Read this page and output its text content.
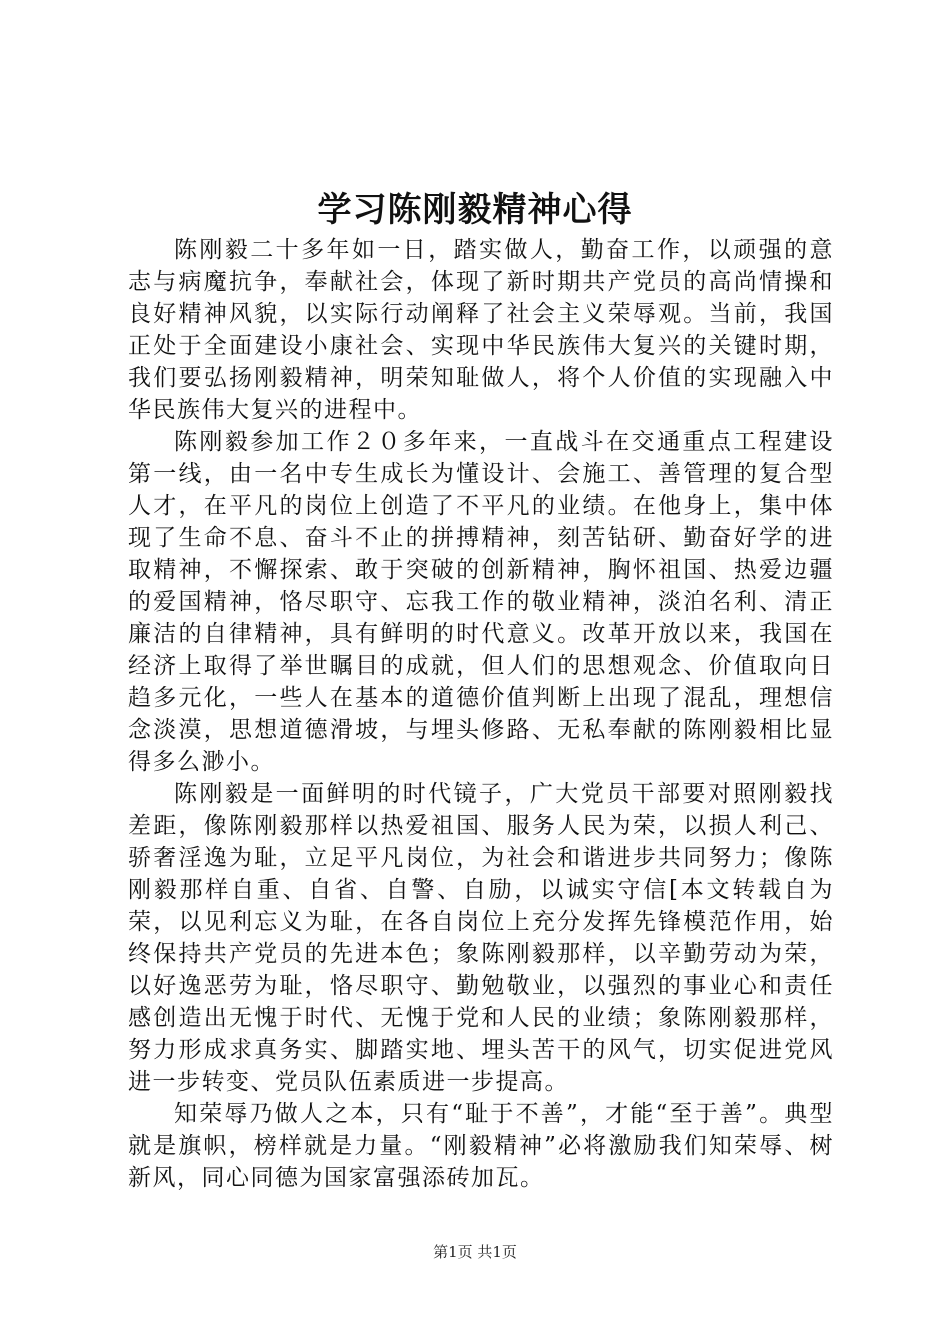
学习陈刚毅精神心得

陈刚毅二十多年如一日，踏实做人，勤奋工作，以顽强的意志与病魔抗争，奉献社会，体现了新时期共产党员的高尚情操和良好精神风貌，以实际行动阐释了社会主义荣辱观。当前，我国正处于全面建设小康社会、实现中华民族伟大复兴的关键时期，我们要弘扬刚毅精神，明荣知耻做人，将个人价值的实现融入中华民族伟大复兴的进程中。

陈刚毅参加工作２０多年来，一直战斗在交通重点工程建设第一线，由一名中专生成长为懂设计、会施工、善管理的复合型人才，在平凡的岗位上创造了不平凡的业绩。在他身上，集中体现了生命不息、奋斗不止的拼搏精神，刻苦钻研、勤奋好学的进取精神，不懈探索、敢于突破的创新精神，胸怀祖国、热爱边疆的爱国精神，恪尽职守、忘我工作的敬业精神，淡泊名利、清正廉洁的自律精神，具有鲜明的时代意义。改革开放以来，我国在经济上取得了举世瞩目的成就，但人们的思想观念、价值取向日趋多元化，一些人在基本的道德价值判断上出现了混乱，理想信念淡漠，思想道德滑坡，与埋头修路、无私奉献的陈刚毅相比显得多么渺小。

陈刚毅是一面鲜明的时代镜子，广大党员干部要对照刚毅找差距，像陈刚毅那样以热爱祖国、服务人民为荣，以损人利己、骄奢淫逸为耻，立足平凡岗位，为社会和谐进步共同努力；像陈刚毅那样自重、自省、自警、自励，以诚实守信[本文转载自为荣，以见利忘义为耻，在各自岗位上充分发挥先锋模范作用，始终保持共产党员的先进本色；象陈刚毅那样，以辛勤劳动为荣，以好逸恶劳为耻，恪尽职守、勤勉敬业，以强烈的事业心和责任感创造出无愧于时代、无愧于党和人民的业绩；象陈刚毅那样，努力形成求真务实、脚踏实地、埋头苦干的风气，切实促进党风进一步转变、党员队伍素质进一步提高。

知荣辱乃做人之本，只有“耻于不善”，才能“至于善”。典型就是旗帜，榜样就是力量。“刚毅精神”必将激励我们知荣辱、树新风，同心同德为国家富强添砖加瓦。

第1页 共1页
